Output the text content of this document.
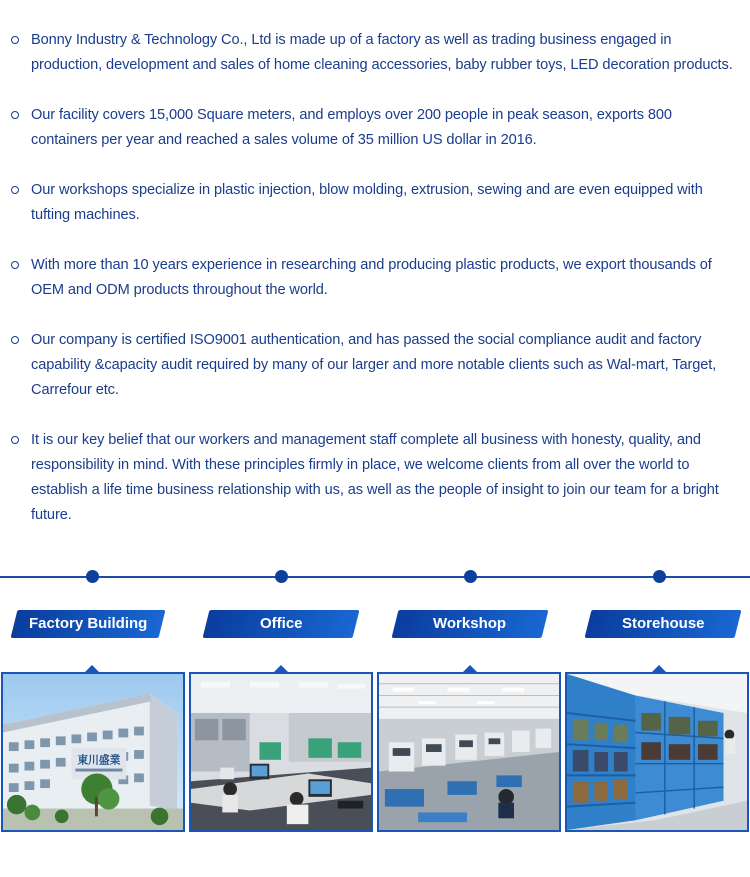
Bonny Industry & Technology Co., Ltd is made up of a factory as well as trading business engaged in production, development and sales of home cleaning accessories, baby rubber toys, LED decoration products.

Our facility covers 15,000 Square meters, and employs over 200 people in peak season, exports 800 containers per year and reached a sales volume of 35 million US dollar in 2016.

Our workshops specialize in plastic injection, blow molding, extrusion, sewing and are even equipped with tufting machines.

With more than 10 years experience in researching and producing plastic products, we export thousands of OEM and ODM products throughout the world.

Our company is certified ISO9001 authentication, and has passed the social compliance audit and factory capability &capacity audit required by many of our larger and more notable clients such as Wal-mart, Target, Carrefour etc.

It is our key belief that our workers and management staff complete all business with honesty, quality, and responsibility in mind. With these principles firmly in place, we welcome clients from all over the world to establish a life time business relationship with us, as well as the people of insight to join our team for a bright future.

Factory Building	Office	Workshop	Storehouse
東川盛業
